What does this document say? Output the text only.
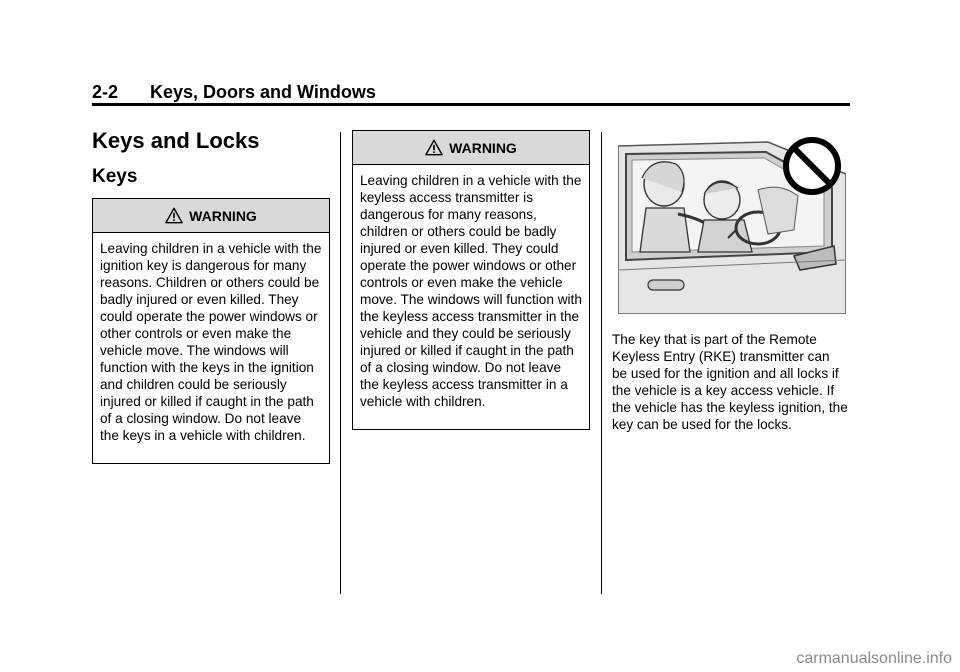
2-2 Keys, Doors and Windows
Keys and Locks
Keys
WARNING
Leaving children in a vehicle with the ignition key is dangerous for many reasons. Children or others could be badly injured or even killed. They could operate the power windows or other controls or even make the vehicle move. The windows will function with the keys in the ignition and children could be seriously injured or killed if caught in the path of a closing window. Do not leave the keys in a vehicle with children.
WARNING
Leaving children in a vehicle with the keyless access transmitter is dangerous for many reasons, children or others could be badly injured or even killed. They could operate the power windows or other controls or even make the vehicle move. The windows will function with the keyless access transmitter in the vehicle and they could be seriously injured or killed if caught in the path of a closing window. Do not leave the keyless access transmitter in a vehicle with children.

The key that is part of the Remote Keyless Entry (RKE) transmitter can be used for the ignition and all locks if the vehicle is a key access vehicle. If the vehicle has the keyless ignition, the key can be used for the locks.

carmanualsonline.info
